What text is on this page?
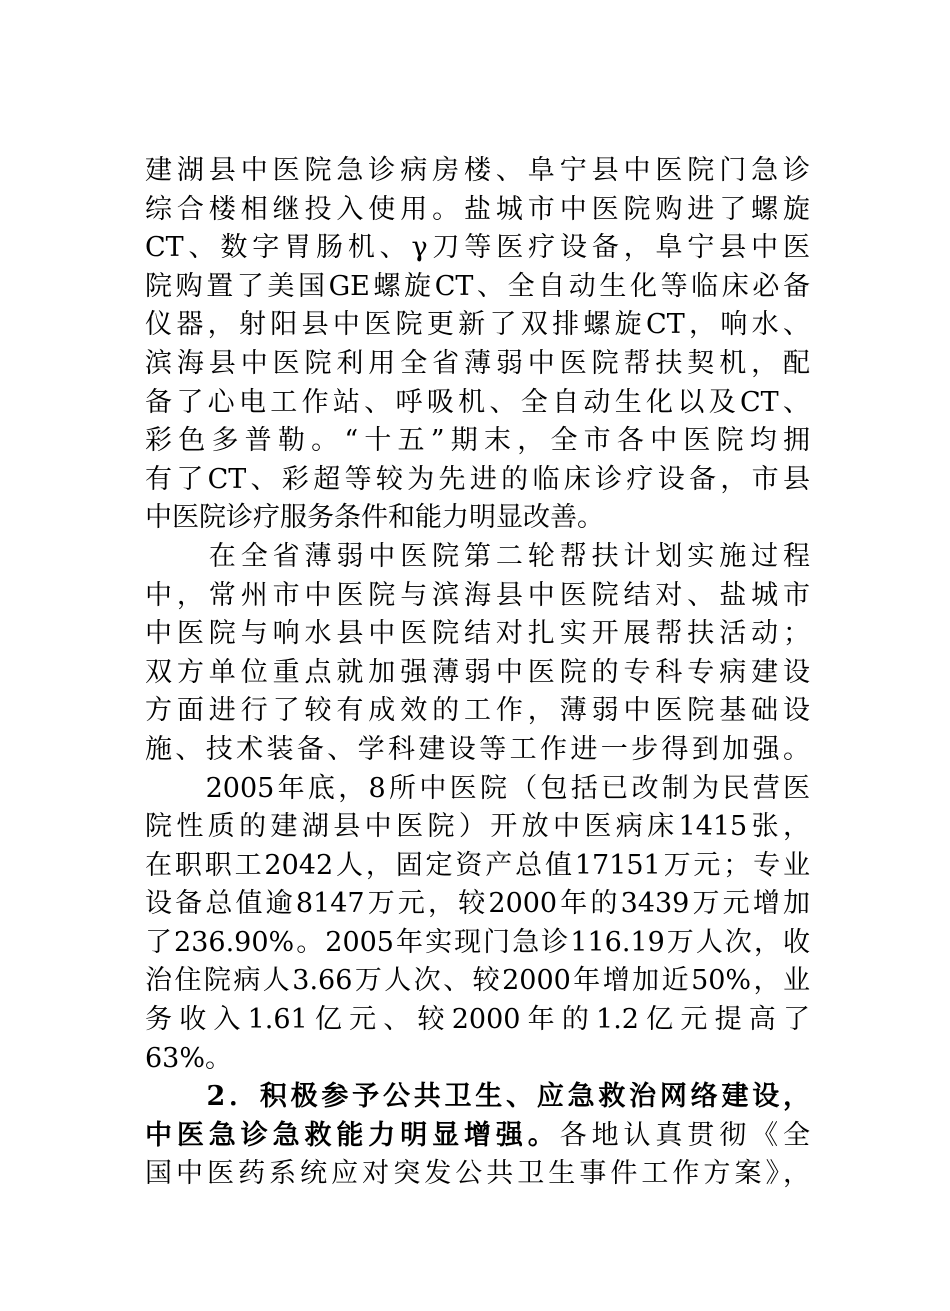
建湖县中医院急诊病房楼、阜宁县中医院门急诊
综合楼相继投入使用。盐城市中医院购进了螺旋
CT、数字胃肠机、γ刀等医疗设备，阜宁县中医
院购置了美国GE螺旋CT、全自动生化等临床必备
仪器，射阳县中医院更新了双排螺旋CT，响水、
滨海县中医院利用全省薄弱中医院帮扶契机，配
备了心电工作站、呼吸机、全自动生化以及CT、
彩色多普勒。“十五”期末，全市各中医院均拥
有了CT、彩超等较为先进的临床诊疗设备，市县
中医院诊疗服务条件和能力明显改善。
　　在全省薄弱中医院第二轮帮扶计划实施过程
中，常州市中医院与滨海县中医院结对、盐城市
中医院与响水县中医院结对扎实开展帮扶活动；
双方单位重点就加强薄弱中医院的专科专病建设
方面进行了较有成效的工作，薄弱中医院基础设
施、技术装备、学科建设等工作进一步得到加强。
　　2005年底，8所中医院（包括已改制为民营医
院性质的建湖县中医院）开放中医病床1415张，
在职职工2042人，固定资产总值17151万元；专业
设备总值逾8147万元，较2000年的3439万元增加
了236.90%。2005年实现门急诊116.19万人次，收
治住院病人3.66万人次、较2000年增加近50%，业
务收入1.61亿元、较2000年的1.2亿元提高了
63%。
　　2．积极参予公共卫生、应急救治网络建设，
中医急诊急救能力明显增强。各地认真贯彻《全
国中医药系统应对突发公共卫生事件工作方案》，
